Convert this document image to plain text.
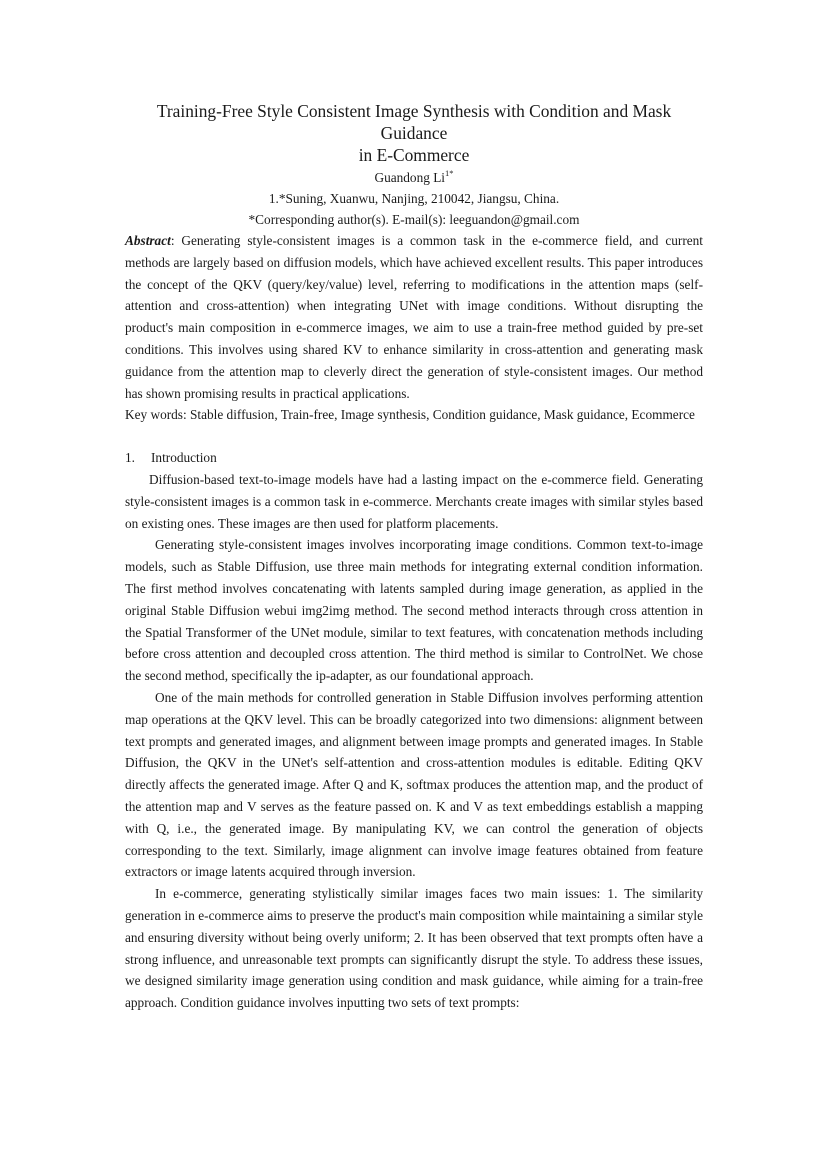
Training-Free Style Consistent Image Synthesis with Condition and Mask Guidance
in E-Commerce
Guandong $Li^{1*}$
1.*Suning, Xuanwu, Nanjing, 210042, Jiangsu, China.
*Corresponding author(s). E-mail(s): leeguandon@gmail.com

Abstract: Generating style-consistent images is a common task in the e-commerce field, and current methods are largely based on diffusion models, which have achieved excellent results. This paper introduces the concept of the QKV (query/key/value) level, referring to modifications in the attention maps (self-attention and cross-attention) when integrating UNet with image conditions. Without disrupting the product's main composition in e-commerce images, we aim to use a train-free method guided by pre-set conditions. This involves using shared KV to enhance similarity in cross-attention and generating mask guidance from the attention map to cleverly direct the generation of style-consistent images. Our method has shown promising results in practical applications.

Key words: Stable diffusion, Train-free, Image synthesis, Condition guidance, Mask guidance, Ecommerce

1. Introduction

Diffusion-based text-to-image models have had a lasting impact on the e-commerce field. Generating style-consistent images is a common task in e-commerce. Merchants create images with similar styles based on existing ones. These images are then used for platform placements.

Generating style-consistent images involves incorporating image conditions. Common text-to-image models, such as Stable Diffusion, use three main methods for integrating external condition information. The first method involves concatenating with latents sampled during image generation, as applied in the original Stable Diffusion webui img2img method. The second method interacts through cross attention in the Spatial Transformer of the UNet module, similar to text features, with concatenation methods including before cross attention and decoupled cross attention. The third method is similar to ControlNet. We chose the second method, specifically the ip-adapter, as our foundational approach.

One of the main methods for controlled generation in Stable Diffusion involves performing attention map operations at the QKV level. This can be broadly categorized into two dimensions: alignment between text prompts and generated images, and alignment between image prompts and generated images. In Stable Diffusion, the QKV in the UNet's self-attention and cross-attention modules is editable. Editing QKV directly affects the generated image. After Q and K, softmax produces the attention map, and the product of the attention map and V serves as the feature passed on. K and V as text embeddings establish a mapping with Q, i.e., the generated image. By manipulating KV, we can control the generation of objects corresponding to the text. Similarly, image alignment can involve image features obtained from feature extractors or image latents acquired through inversion.

In e-commerce, generating stylistically similar images faces two main issues: 1. The similarity generation in e-commerce aims to preserve the product's main composition while maintaining a similar style and ensuring diversity without being overly uniform; 2. It has been observed that text prompts often have a strong influence, and unreasonable text prompts can significantly disrupt the style. To address these issues, we designed similarity image generation using condition and mask guidance, while aiming for a train-free approach. Condition guidance involves inputting two sets of text prompts:
